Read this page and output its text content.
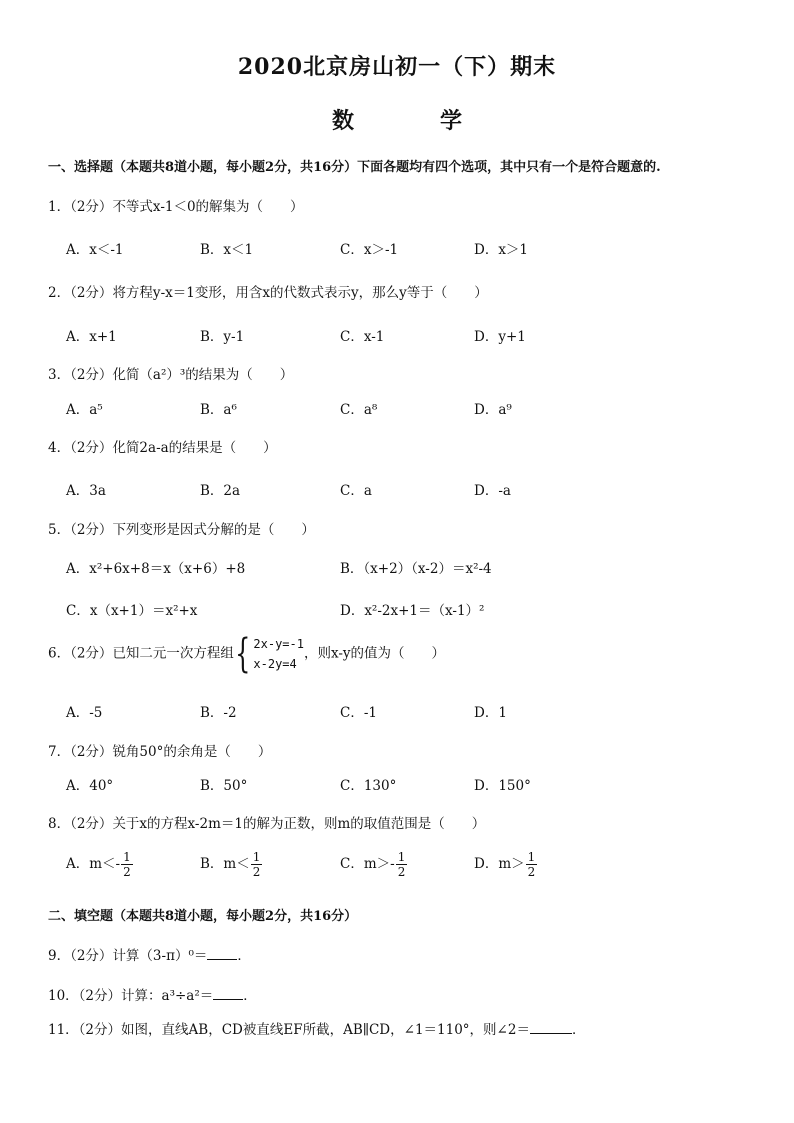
2020北京房山初一（下）期末
数　学
一、选择题（本题共8道小题，每小题2分，共16分）下面各题均有四个选项，其中只有一个是符合题意的.
1．（2分）不等式x-1＜0的解集为（　　）
A．x＜-1	B．x＜1	C．x＞-1	D．x＞1
2．（2分）将方程y-x＝1变形，用含x的代数式表示y，那么y等于（　　）
A．x+1	B．y-1	C．x-1	D．y+1
3．（2分）化简（a²）³的结果为（　　）
A．a⁵	B．a⁶	C．a⁸	D．a⁹
4．（2分）化简2a-a的结果是（　　）
A．3a	B．2a	C．a	D．-a
5．（2分）下列变形是因式分解的是（　　）
A．x²+6x+8＝x（x+6）+8	B．（x+2）（x-2）＝x²-4
C．x（x+1）＝x²+x	D．x²-2x+1＝（x-1）²
6．（2分）已知二元一次方程组{ 2x-y=-1
x-2y=4
，则x-y的值为（　　）
A．-5	B．-2	C．-1	D．1
7．（2分）锐角50°的余角是（　　）
A．40°	B．50°	C．130°	D．150°
8．（2分）关于x的方程x-2m＝1的解为正数，则m的取值范围是（　　）
A．$m<- \frac{1}{2}$	B．$m< \frac{1}{2}$	C．$m>- \frac{1}{2}$	D．$m> \frac{1}{2}$
二、填空题（本题共8道小题，每小题2分，共16分）
9．（2分）计算（3-π）⁰＝ ．
10．（2分）计算：a³÷a²＝ ．
11．（2分）如图，直线AB，CD被直线EF所截，AB∥CD，∠1＝110°，则∠2＝	．
